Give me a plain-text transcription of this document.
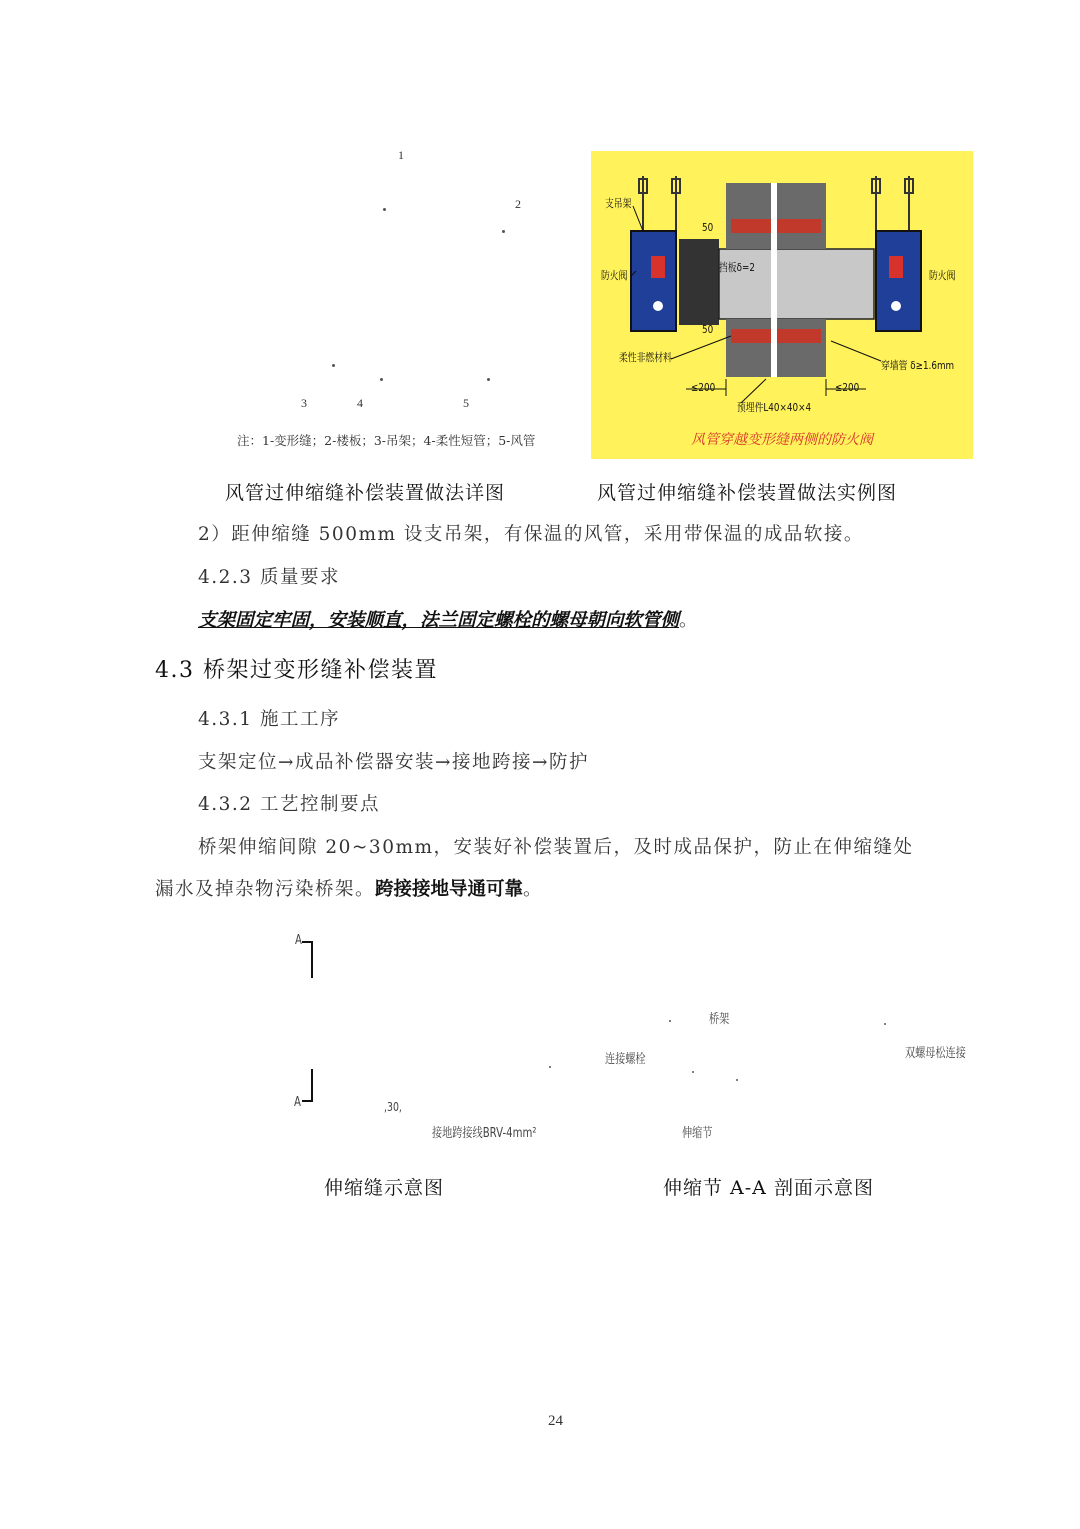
1
2
3	4	5
注：1-变形缝；2-楼板；3-吊架；4-柔性短管；5-风管
支吊架
防火阀	防火阀
挡板δ=2
柔性非燃材料
≤200	≤200
穿墙管 δ≥1.6mm
预埋件L40×40×4
50
50
风管穿越变形缝两侧的防火阀
风管过伸缩缝补偿装置做法详图	风管过伸缩缝补偿装置做法实例图
2）距伸缩缝 500mm 设支吊架，有保温的风管，采用带保温的成品软接。
4.2.3 质量要求
支架固定牢固，安装顺直，法兰固定螺栓的螺母朝向软管侧。
4.3 桥架过变形缝补偿装置
4.3.1 施工工序
支架定位→成品补偿器安装→接地跨接→防护
4.3.2 工艺控制要点
桥架伸缩间隙 20~30mm，安装好补偿装置后，及时成品保护，防止在伸缩缝处
漏水及掉杂物污染桥架。跨接接地导通可靠。
A
A	,30,
接地跨接线BRV-4mm²
桥架
连接螺栓	双螺母松连接
伸缩节
伸缩缝示意图	伸缩节 A-A 剖面示意图
24
